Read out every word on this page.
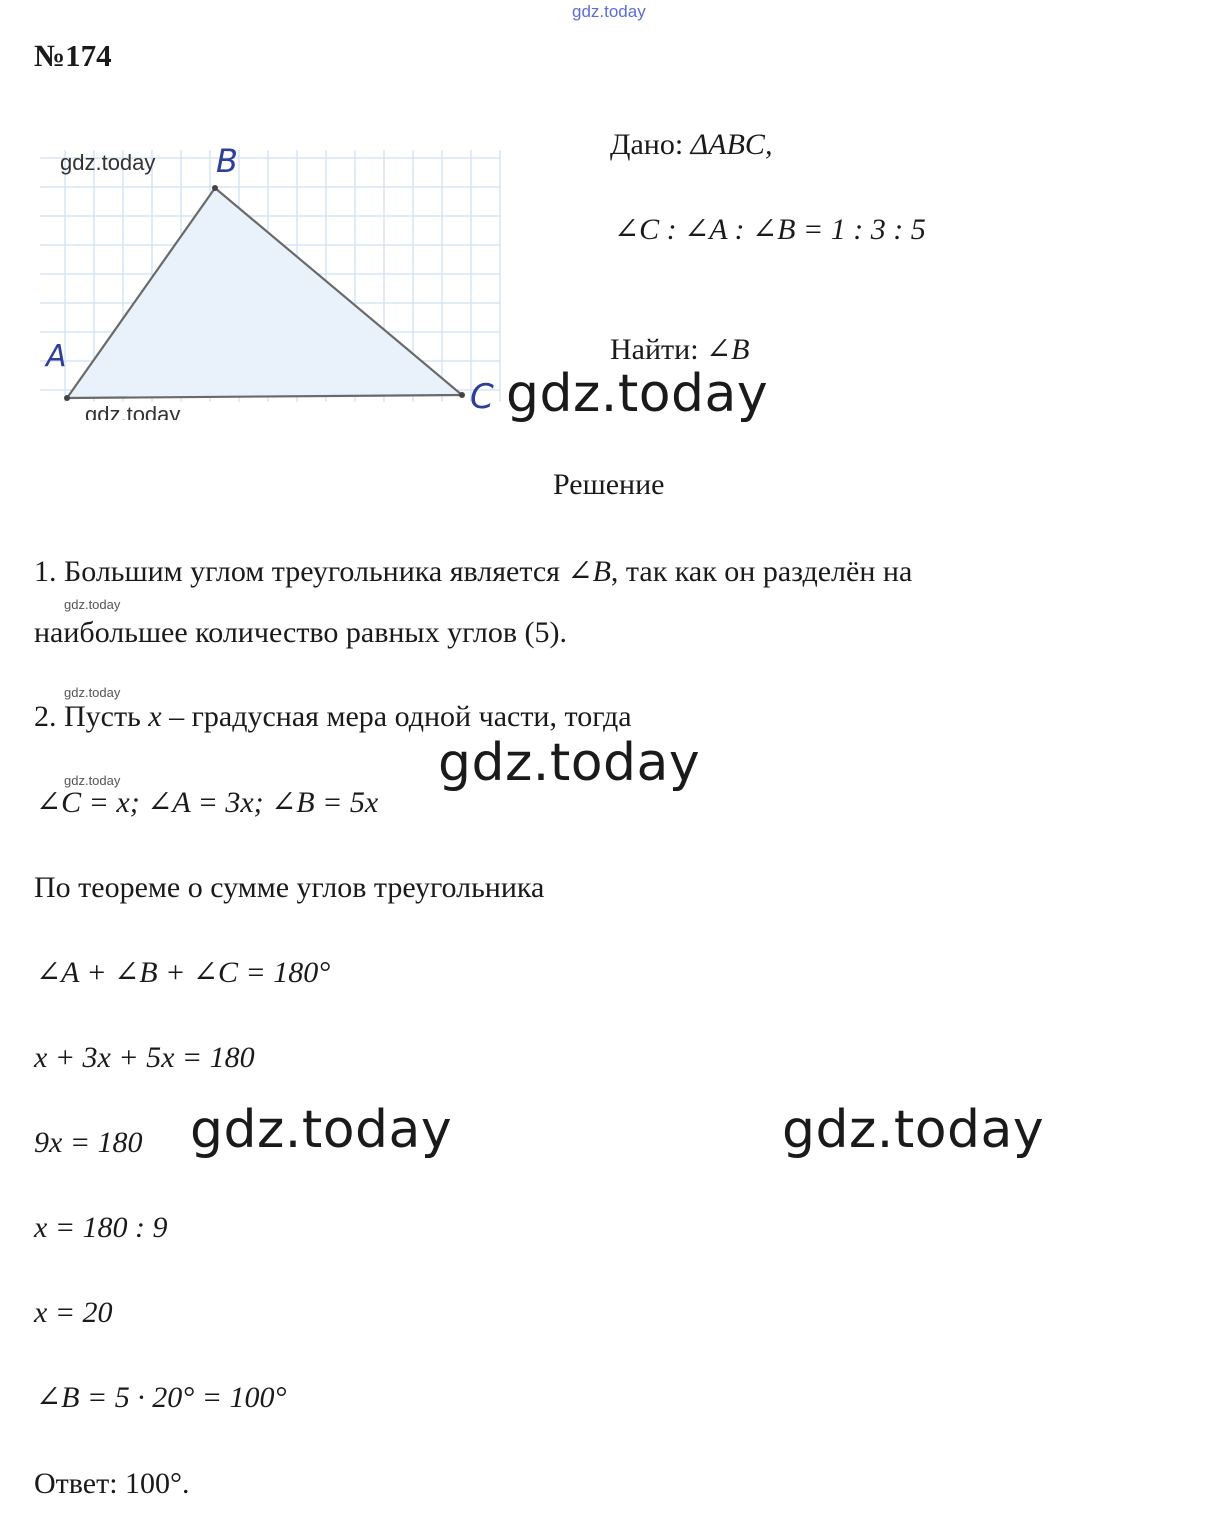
gdz.today
№174
A
B
C
gdz.today
gdz.today
Дано: ΔABC,
∠C : ∠A : ∠B = 1 : 3 : 5
Найти: ∠B
gdz.today
Решение
1. Большим углом треугольника является ∠B, так как он разделён на
gdz.today
наибольшее количество равных углов (5).
gdz.today
2. Пусть x – градусная мера одной части, тогда
gdz.today
gdz.today
∠C = x; ∠A = 3x; ∠B = 5x
По теореме о сумме углов треугольника
∠A + ∠B + ∠C = 180°
x + 3x + 5x = 180
9x = 180 gdz.today	gdz.today
x = 180 : 9
x = 20
∠B = 5 · 20° = 100°
Ответ: 100°.
